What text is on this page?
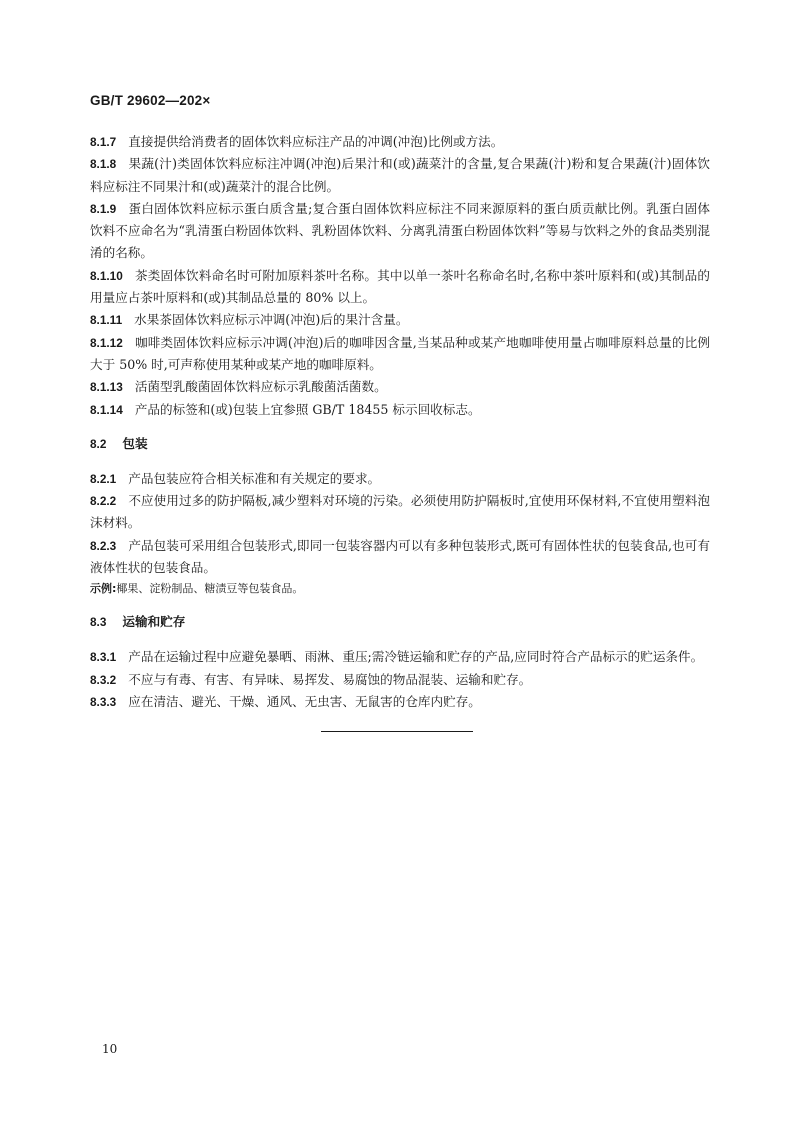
GB/T 29602—202×

8.1.7 直接提供给消费者的固体饮料应标注产品的冲调(冲泡)比例或方法。

8.1.8 果蔬(汁)类固体饮料应标注冲调(冲泡)后果汁和(或)蔬菜汁的含量,复合果蔬(汁)粉和复合果蔬(汁)固体饮料应标注不同果汁和(或)蔬菜汁的混合比例。

8.1.9 蛋白固体饮料应标示蛋白质含量;复合蛋白固体饮料应标注不同来源原料的蛋白质贡献比例。乳蛋白固体饮料不应命名为“乳清蛋白粉固体饮料、乳粉固体饮料、分离乳清蛋白粉固体饮料”等易与饮料之外的食品类别混淆的名称。

8.1.10 茶类固体饮料命名时可附加原料茶叶名称。其中以单一茶叶名称命名时,名称中茶叶原料和(或)其制品的用量应占茶叶原料和(或)其制品总量的 80% 以上。

8.1.11 水果茶固体饮料应标示冲调(冲泡)后的果汁含量。

8.1.12 咖啡类固体饮料应标示冲调(冲泡)后的咖啡因含量,当某品种或某产地咖啡使用量占咖啡原料总量的比例大于 50% 时,可声称使用某种或某产地的咖啡原料。

8.1.13 活菌型乳酸菌固体饮料应标示乳酸菌活菌数。

8.1.14 产品的标签和(或)包装上宜参照 GB/T 18455 标示回收标志。

8.2 包装

8.2.1 产品包装应符合相关标准和有关规定的要求。

8.2.2 不应使用过多的防护隔板,减少塑料对环境的污染。必须使用防护隔板时,宜使用环保材料,不宜使用塑料泡沫材料。

8.2.3 产品包装可采用组合包装形式,即同一包装容器内可以有多种包装形式,既可有固体性状的包装食品,也可有液体性状的包装食品。

示例:椰果、淀粉制品、糖渍豆等包装食品。

8.3 运输和贮存

8.3.1 产品在运输过程中应避免暴晒、雨淋、重压;需冷链运输和贮存的产品,应同时符合产品标示的贮运条件。

8.3.2 不应与有毒、有害、有异味、易挥发、易腐蚀的物品混装、运输和贮存。

8.3.3 应在清洁、避光、干燥、通风、无虫害、无鼠害的仓库内贮存。

10
